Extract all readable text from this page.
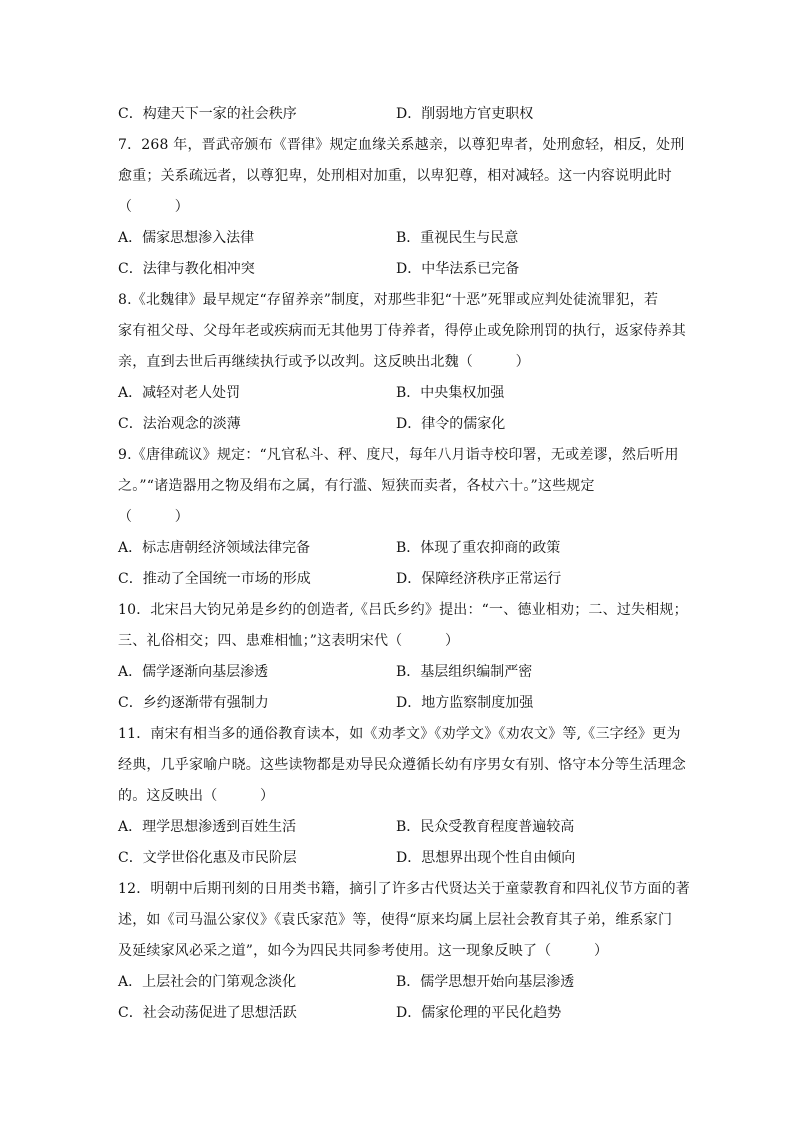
C．构建天下一家的社会秩序	D．削弱地方官吏职权
7．268 年，晋武帝颁布《晋律》规定血缘关系越亲，以尊犯卑者，处刑愈轻，相反，处刑
愈重；关系疏远者，以尊犯卑，处刑相对加重，以卑犯尊，相对减轻。这一内容说明此时
（　　　）
A．儒家思想渗入法律	B．重视民生与民意
C．法律与教化相冲突	D．中华法系已完备
8.《北魏律》最早规定“存留养亲”制度，对那些非犯“十恶”死罪或应判处徒流罪犯，若
家有祖父母、父母年老或疾病而无其他男丁侍养者，得停止或免除刑罚的执行，返家侍养其
亲，直到去世后再继续执行或予以改判。这反映出北魏（　　　）
A．减轻对老人处罚	B．中央集权加强
C．法治观念的淡薄	D．律令的儒家化
9.《唐律疏议》规定：“凡官私斗、秤、度尺，每年八月诣寺校印署，无或差谬，然后听用
之。”“诸造器用之物及绢布之属，有行滥、短狭而卖者，各杖六十。”这些规定
（　　　）
A．标志唐朝经济领域法律完备	B．体现了重农抑商的政策
C．推动了全国统一市场的形成	D．保障经济秩序正常运行
10．北宋吕大钧兄弟是乡约的创造者,《吕氏乡约》提出：“一、德业相劝；二、过失相规；
三、礼俗相交；四、患难相恤；”这表明宋代（　　　）
A．儒学逐渐向基层渗透	B．基层组织编制严密
C．乡约逐渐带有强制力	D．地方监察制度加强
11．南宋有相当多的通俗教育读本，如《劝孝文》《劝学文》《劝农文》等,《三字经》更为
经典，几乎家喻户晓。这些读物都是劝导民众遵循长幼有序男女有别、恪守本分等生活理念
的。这反映出（　　　）
A．理学思想渗透到百姓生活	B．民众受教育程度普遍较高
C．文学世俗化惠及市民阶层	D．思想界出现个性自由倾向
12．明朝中后期刊刻的日用类书籍，摘引了许多古代贤达关于童蒙教育和四礼仪节方面的著
述，如《司马温公家仪》《袁氏家范》等，使得“原来均属上层社会教育其子弟，维系家门
及延续家风必采之道”，如今为四民共同参考使用。这一现象反映了（　　　）
A．上层社会的门第观念淡化	B．儒学思想开始向基层渗透
C．社会动荡促进了思想活跃	D．儒家伦理的平民化趋势
